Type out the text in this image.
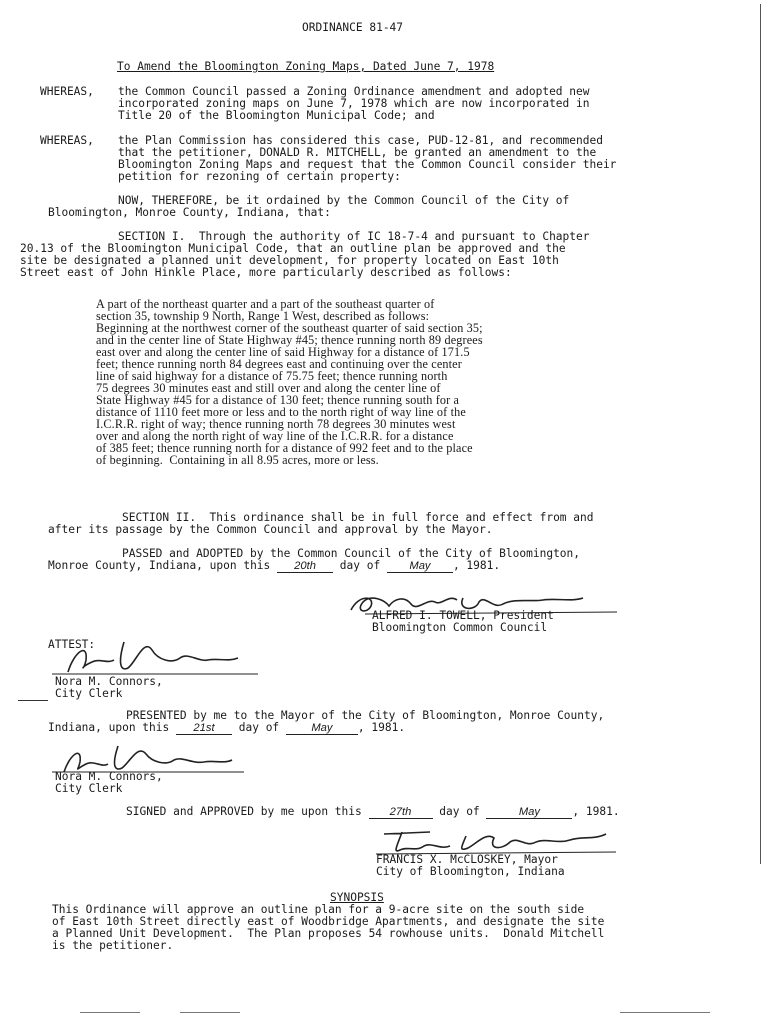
ORDINANCE 81-47
To Amend the Bloomington Zoning Maps, Dated June 7, 1978
WHEREAS, the Common Council passed a Zoning Ordinance amendment and adopted new
incorporated zoning maps on June 7, 1978 which are now incorporated in
Title 20 of the Bloomington Municipal Code; and
WHEREAS, the Plan Commission has considered this case, PUD-12-81, and recommended
that the petitioner, DONALD R. MITCHELL, be granted an amendment to the
Bloomington Zoning Maps and request that the Common Council consider their
petition for rezoning of certain property:
NOW, THEREFORE, be it ordained by the Common Council of the City of
Bloomington, Monroe County, Indiana, that:
SECTION I.  Through the authority of IC 18-7-4 and pursuant to Chapter
20.13 of the Bloomington Municipal Code, that an outline plan be approved and the
site be designated a planned unit development, for property located on East 10th
Street east of John Hinkle Place, more particularly described as follows:
A part of the northeast quarter and a part of the southeast quarter of
section 35, township 9 North, Range 1 West, described as follows:
Beginning at the northwest corner of the southeast quarter of said section 35;
and in the center line of State Highway #45; thence running north 89 degrees
east over and along the center line of said Highway for a distance of 171.5
feet; thence running north 84 degrees east and continuing over the center
line of said highway for a distance of 75.75 feet; thence running north
75 degrees 30 minutes east and still over and along the center line of
State Highway #45 for a distance of 130 feet; thence running south for a
distance of 1110 feet more or less and to the north right of way line of the
I.C.R.R. right of way; thence running north 78 degrees 30 minutes west
over and along the north right of way line of the I.C.R.R. for a distance
of 385 feet; thence running north for a distance of 992 feet and to the place
of beginning.  Containing in all 8.95 acres, more or less.
SECTION II.  This ordinance shall be in full force and effect from and
after its passage by the Common Council and approval by the Mayor.
PASSED and ADOPTED by the Common Council of the City of Bloomington,
Monroe County, Indiana, upon this 20th day of	May , 1981.
ALFRED I. TOWELL, President
Bloomington Common Council
ATTEST:
Nora M. Connors,
City Clerk
PRESENTED by me to the Mayor of the City of Bloomington, Monroe County,
Indiana, upon this 21st day of	May , 1981.
Nora M. Connors,
City Clerk
SIGNED and APPROVED by me upon this 27th day of	May	, 1981.
FRANCIS X. McCLOSKEY, Mayor
City of Bloomington, Indiana
SYNOPSIS
This Ordinance will approve an outline plan for a 9-acre site on the south side
of East 10th Street directly east of Woodbridge Apartments, and designate the site
a Planned Unit Development.  The Plan proposes 54 rowhouse units.  Donald Mitchell
is the petitioner.
